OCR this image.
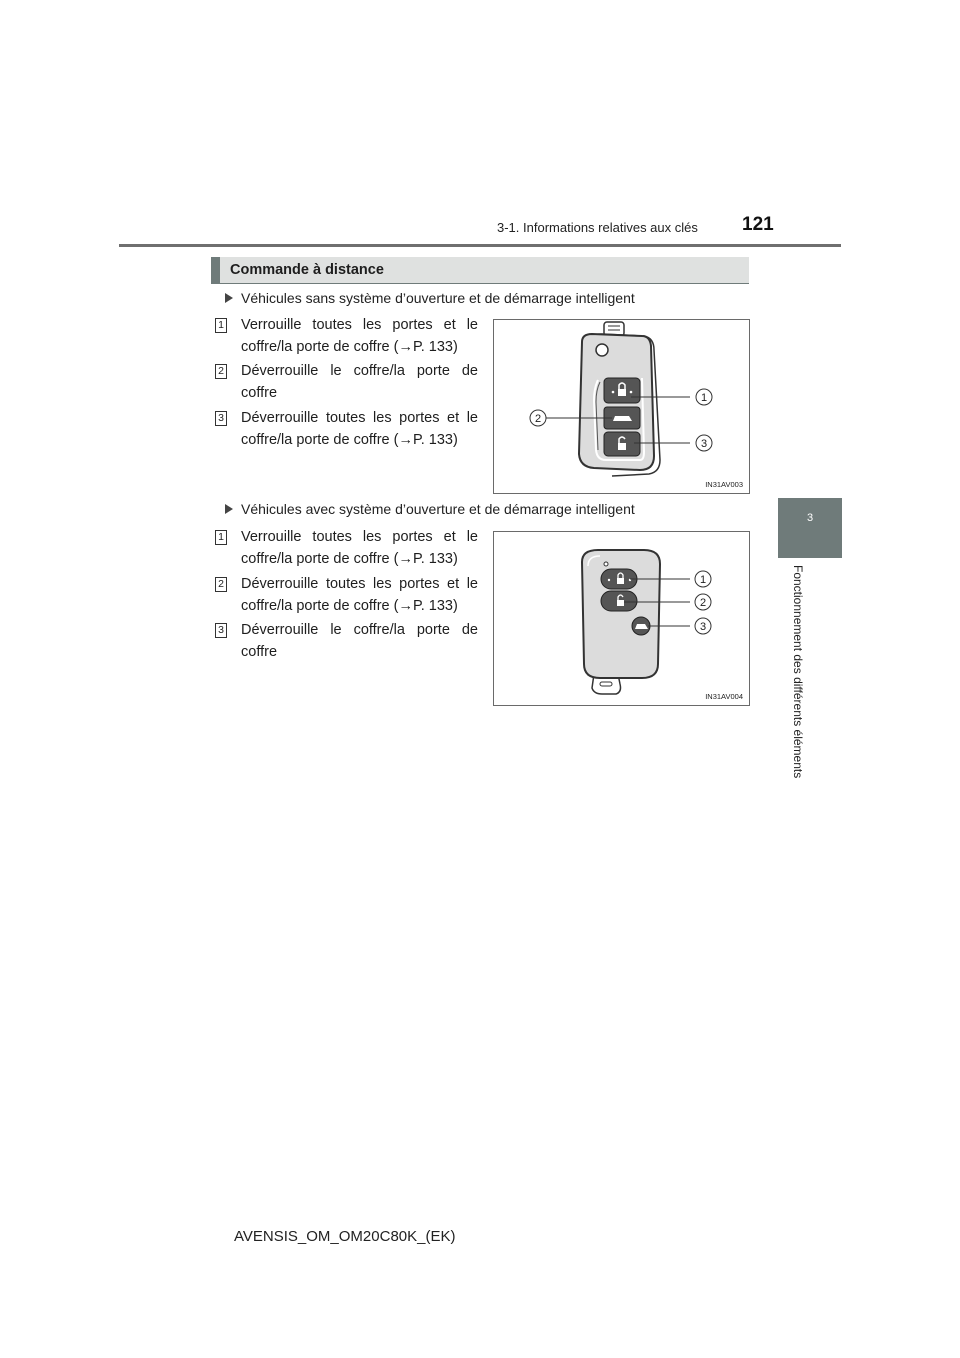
3-1. Informations relatives aux clés 121
3
Fonctionnement des différents éléments
Commande à distance
Véhicules sans système d’ouverture et de démarrage intelligent
1 Verrouille toutes les portes et le coffre/la porte de coffre (→P. 133)
2 Déverrouille le coffre/la porte de coffre
3 Déverrouille toutes les portes et le coffre/la porte de coffre (→P. 133)
1
2
3
IN31AV003
Véhicules avec système d’ouverture et de démarrage intelligent
1 Verrouille toutes les portes et le coffre/la porte de coffre (→P. 133)
2 Déverrouille toutes les portes et le coffre/la porte de coffre (→P. 133)
3 Déverrouille le coffre/la porte de coffre
1
2
3
IN31AV004
AVENSIS_OM_OM20C80K_(EK)
